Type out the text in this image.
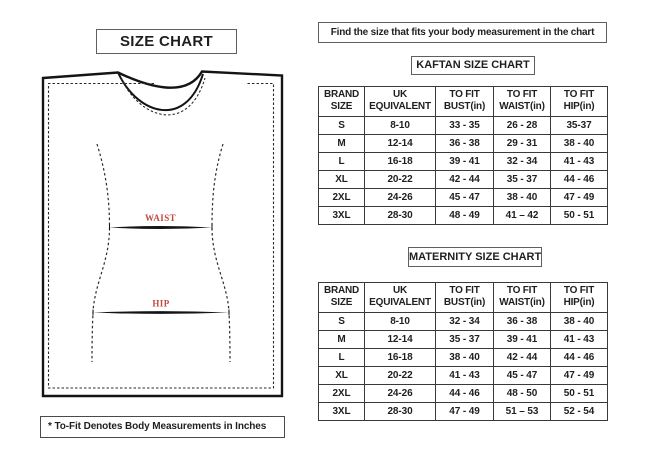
SIZE CHART
WAIST
HIP
* To-Fit Denotes Body Measurements in Inches
Find the size that fits your body measurement in the chart
KAFTAN SIZE CHART
BRAND
SIZE

UK
EQUIVALENT

TO FIT
BUST(in)

TO FIT
WAIST(in)

TO FIT
HIP(in)

S	8-10	33 - 35	26 - 28	35-37
M	12-14	36 - 38	29 - 31	38 - 40
L	16-18	39 - 41	32 - 34	41 - 43
XL	20-22	42 - 44	35 - 37	44 - 46
2XL	24-26	45 - 47	38 - 40	47 - 49
3XL	28-30	48 - 49	41 – 42	50 - 51
MATERNITY SIZE CHART
BRAND
SIZE

UK
EQUIVALENT

TO FIT
BUST(in)

TO FIT
WAIST(in)

TO FIT
HIP(in)

S	8-10	32 - 34	36 - 38	38 - 40
M	12-14	35 - 37	39 - 41	41 - 43
L	16-18	38 - 40	42 - 44	44 - 46
XL	20-22	41 - 43	45 - 47	47 - 49
2XL	24-26	44 - 46	48 - 50	50 - 51
3XL	28-30	47 - 49	51 – 53	52 - 54
